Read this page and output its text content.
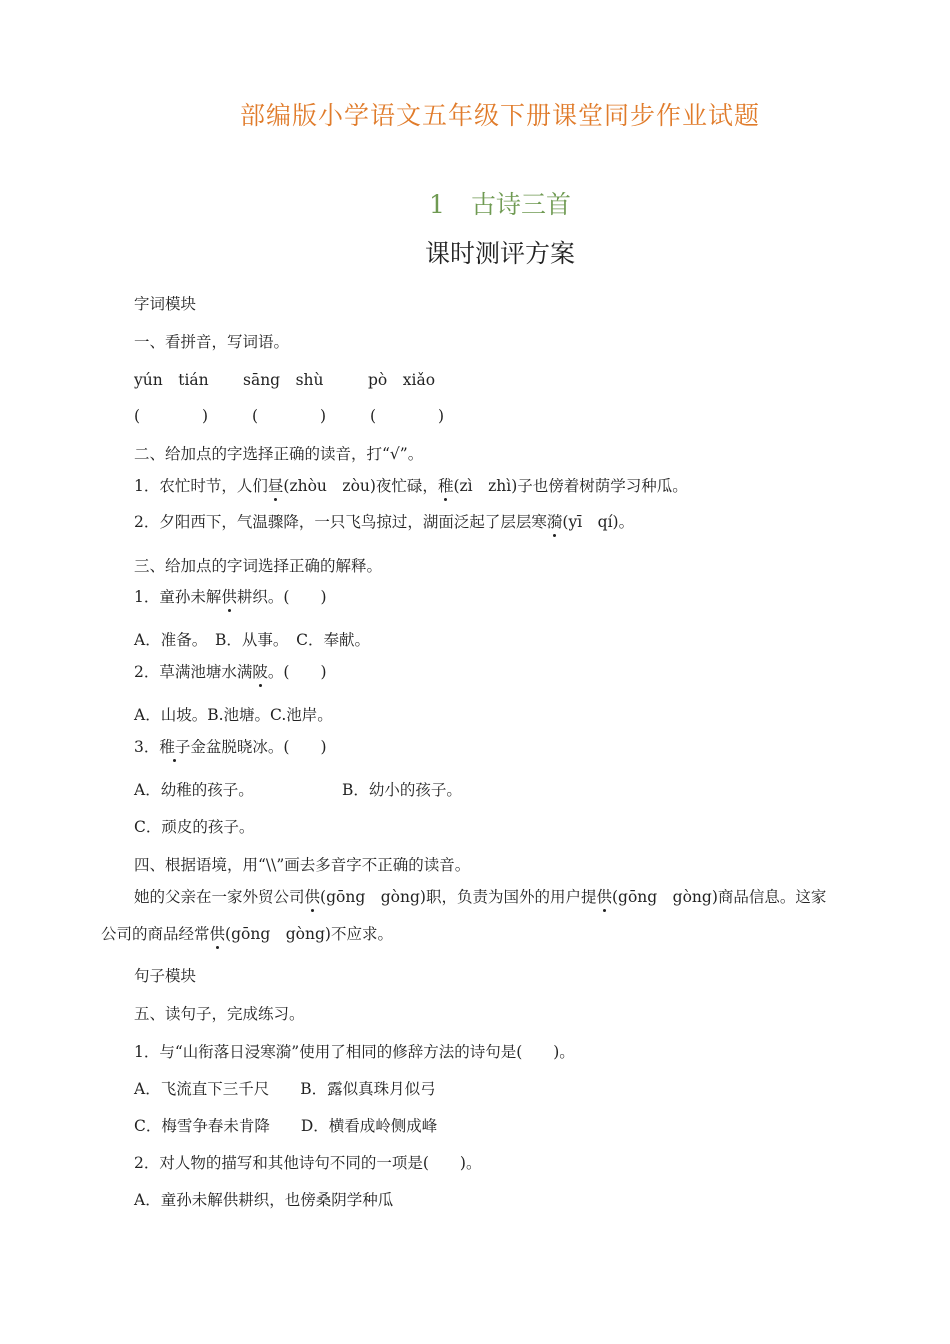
部编版小学语文五年级下册课堂同步作业试题
1 古诗三首
课时测评方案
字词模块
一、看拼音，写词语。
yún　tián sāng　shù	pò　xiǎo
(　　　　)	(　　　　)	(　　　　)
二、给加点的字选择正确的读音，打“√”。
1．农忙时节，人们昼(zhòu　zòu)夜忙碌，稚(zì　zhì)子也傍着树荫学习种瓜。
2．夕阳西下，气温骤降，一只飞鸟掠过，湖面泛起了层层寒漪(yī　qí)。
三、给加点的字词选择正确的解释。
1．童孙未解供耕织。(　　)
A．准备。　B．从事。　C．奉献。
2．草满池塘水满陂。(　　)
A．山坡。B.池塘。C.池岸。
3．稚子金盆脱晓冰。(　　)
A．幼稚的孩子。	B．幼小的孩子。
C．顽皮的孩子。
四、根据语境，用“\\”画去多音字不正确的读音。
她的父亲在一家外贸公司供(gōng　gòng)职，负责为国外的用户提供(gōng　gòng)商品信息。这家
公司的商品经常供(gōng　gòng)不应求。
句子模块
五、读句子，完成练习。
1．与“山衔落日浸寒漪”使用了相同的修辞方法的诗句是(　　)。
A．飞流直下三千尺　　B．露似真珠月似弓
C．梅雪争春未肯降　　D．横看成岭侧成峰
2．对人物的描写和其他诗句不同的一项是(　　)。
A．童孙未解供耕织，也傍桑阴学种瓜
